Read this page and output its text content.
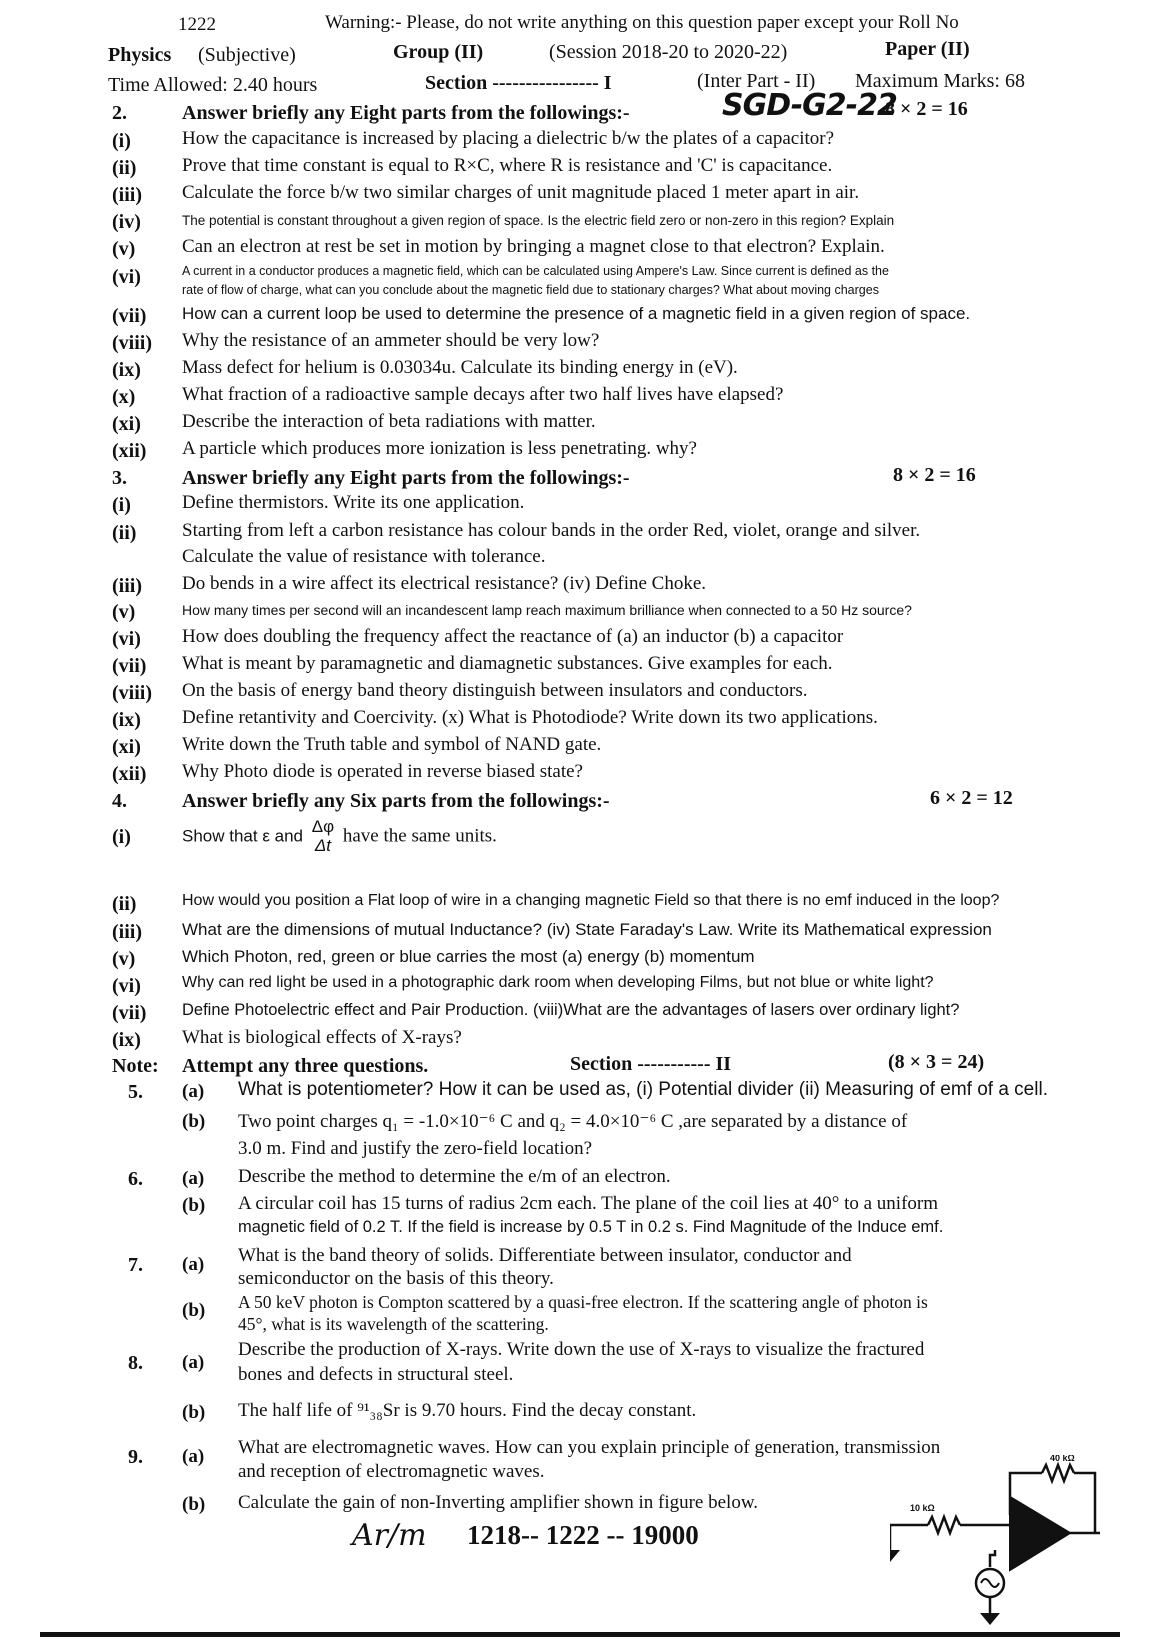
1222	Warning:- Please, do not write anything on this question paper except your Roll No
Physics (Subjective)	Group (II)	(Session 2018-20 to 2020-22)	Paper (II)
Time Allowed: 2.40 hours	Section ---------------- I	(Inter Part - II) Maximum Marks: 68
2.	Answer briefly any Eight parts from the followings:-	SGD-G2-22
8 × 2 = 16
(i)	How the capacitance is increased by placing a dielectric b/w the plates of a capacitor?
(ii) Prove that time constant is equal to R×C, where R is resistance and 'C' is capacitance.
(iii) Calculate the force b/w two similar charges of unit magnitude placed 1 meter apart in air.
(iv)	The potential is constant throughout a given region of space. Is the electric field zero or non-zero in this region? Explain
(v) Can an electron at rest be set in motion by bringing a magnet close to that electron? Explain.
(vi)	A current in a conductor produces a magnetic field, which can be calculated using Ampere's Law. Since current is defined as the
rate of flow of charge, what can you conclude about the magnetic field due to stationary charges? What about moving charges
(vii) How can a current loop be used to determine the presence of a magnetic field in a given region of space.
(viii) Why the resistance of an ammeter should be very low?
(ix) Mass defect for helium is 0.03034u. Calculate its binding energy in (eV).
(x) What fraction of a radioactive sample decays after two half lives have elapsed?
(xi) Describe the interaction of beta radiations with matter.
(xii) A particle which produces more ionization is less penetrating. why?
3.	Answer briefly any Eight parts from the followings:-	8 × 2 = 16
(i)	Define thermistors. Write its one application.
(ii) Starting from left a carbon resistance has colour bands in the order Red, violet, orange and silver.
Calculate the value of resistance with tolerance.
(iii) Do bends in a wire affect its electrical resistance? (iv) Define Choke.
(v)	How many times per second will an incandescent lamp reach maximum brilliance when connected to a 50 Hz source?
(vi) How does doubling the frequency affect the reactance of (a) an inductor (b) a capacitor
(vii) What is meant by paramagnetic and diamagnetic substances. Give examples for each.
(viii) On the basis of energy band theory distinguish between insulators and conductors.
(ix) Define retantivity and Coercivity. (x) What is Photodiode? Write down its two applications.
(xi) Write down the Truth table and symbol of NAND gate.
(xii) Why Photo diode is operated in reverse biased state?
4.	Answer briefly any Six parts from the followings:-	6 × 2 = 12
(i)	Show that ε and
Δφ
Δt have the same units.
(ii)	How would you position a Flat loop of wire in a changing magnetic Field so that there is no emf induced in the loop?
(iii) What are the dimensions of mutual Inductance? (iv) State Faraday's Law. Write its Mathematical expression
(v)	Which Photon, red, green or blue carries the most (a) energy (b) momentum
(vi)	Why can red light be used in a photographic dark room when developing Films, but not blue or white light?
(vii) Define Photoelectric effect and Pair Production. (viii)What are the advantages of lasers over ordinary light?
(ix) What is biological effects of X-rays?
Note: Attempt any three questions.	Section ----------- II	(8 × 3 = 24)
5. (a) What is potentiometer? How it can be used as, (i) Potential divider (ii) Measuring of emf of a cell.
(b) Two point charges q₁ = -1.0×10⁻⁶ C and q₂ = 4.0×10⁻⁶ C ,are separated by a distance of
3.0 m. Find and justify the zero-field location?
6. (a) Describe the method to determine the e/m of an electron.
(b) A circular coil has 15 turns of radius 2cm each. The plane of the coil lies at 40° to a uniform
magnetic field of 0.2 T. If the field is increase by 0.5 T in 0.2 s. Find Magnitude of the Induce emf.
7. (a) What is the band theory of solids. Differentiate between insulator, conductor and
semiconductor on the basis of this theory.
(b) A 50 keV photon is Compton scattered by a quasi-free electron. If the scattering angle of photon is
45°, what is its wavelength of the scattering.
8. (a)
Describe the production of X-rays. Write down the use of X-rays to visualize the fractured
bones and defects in structural steel.
(b) The half life of ⁹¹₃₈Sr is 9.70 hours. Find the decay constant.
9. (a) What are electromagnetic waves. How can you explain principle of generation, transmission
and reception of electromagnetic waves.
(b) Calculate the gain of non-Inverting amplifier shown in figure below.
40 kΩ
10 kΩ
Ar/m 1218-- 1222 -- 19000
